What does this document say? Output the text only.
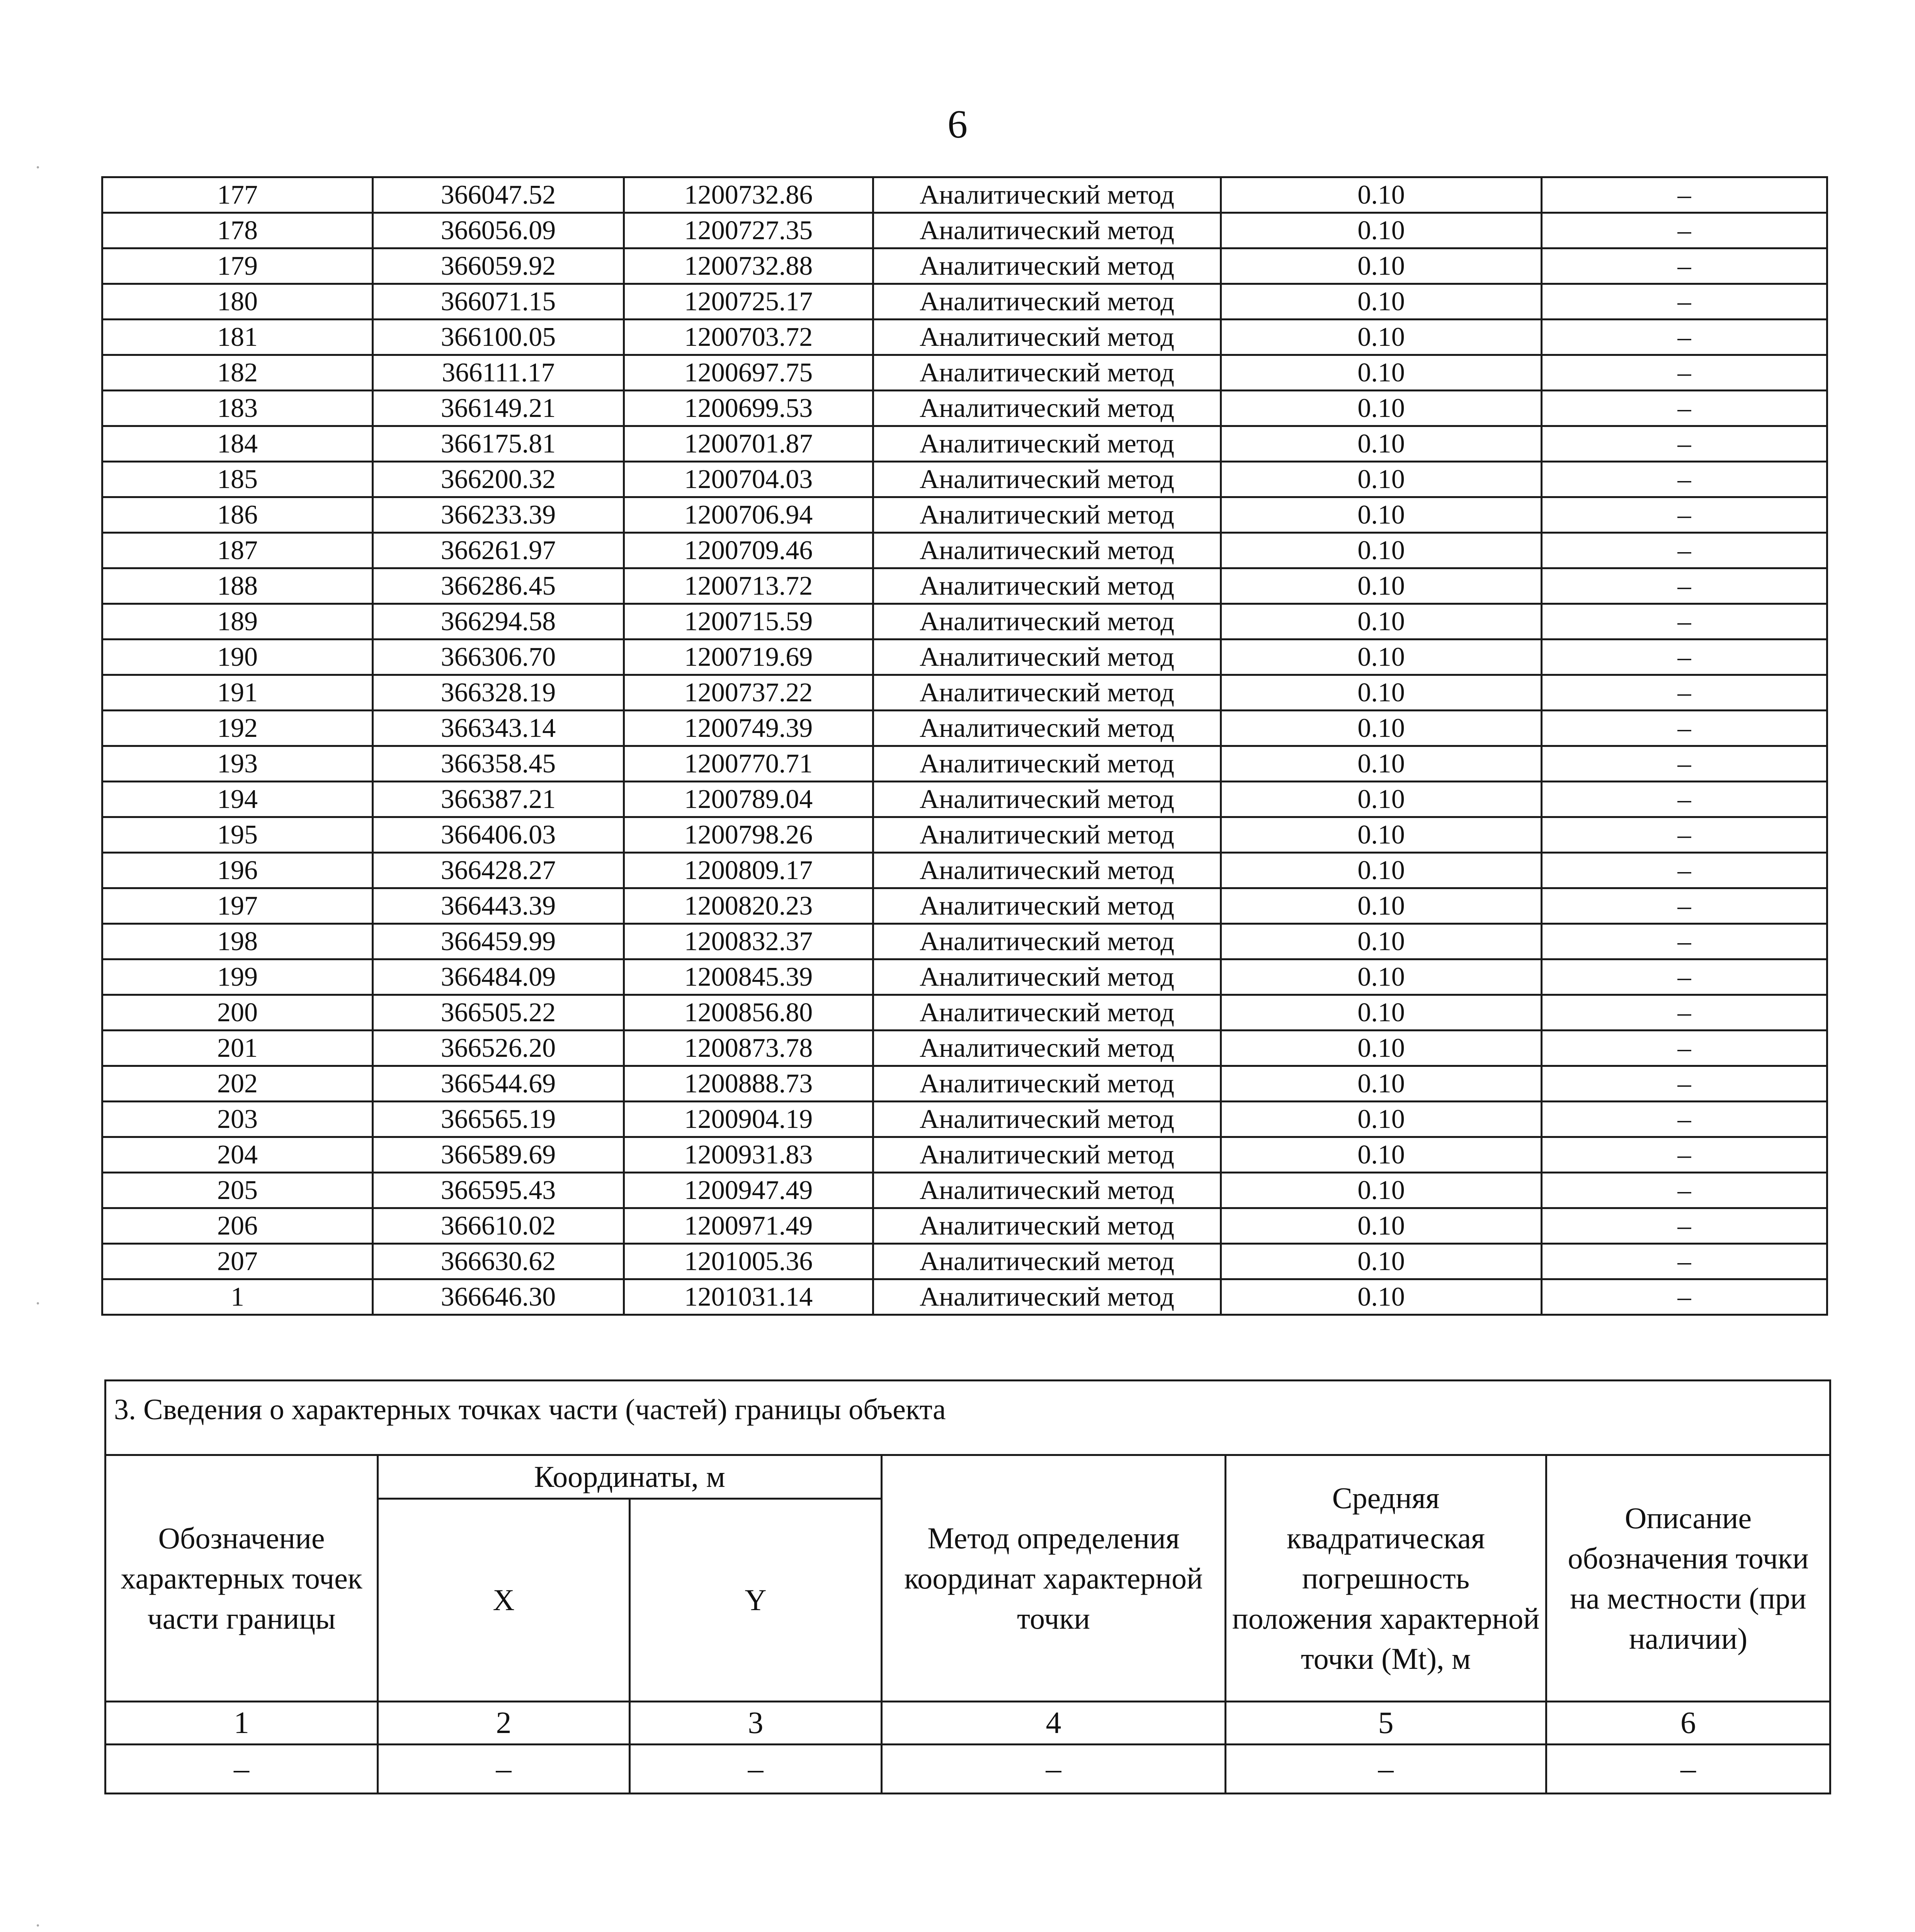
6
177	366047.52	1200732.86	Аналитический метод	0.10	–
178	366056.09	1200727.35	Аналитический метод	0.10	–
179	366059.92	1200732.88	Аналитический метод	0.10	–
180	366071.15	1200725.17	Аналитический метод	0.10	–
181	366100.05	1200703.72	Аналитический метод	0.10	–
182	366111.17	1200697.75	Аналитический метод	0.10	–
183	366149.21	1200699.53	Аналитический метод	0.10	–
184	366175.81	1200701.87	Аналитический метод	0.10	–
185	366200.32	1200704.03	Аналитический метод	0.10	–
186	366233.39	1200706.94	Аналитический метод	0.10	–
187	366261.97	1200709.46	Аналитический метод	0.10	–
188	366286.45	1200713.72	Аналитический метод	0.10	–
189	366294.58	1200715.59	Аналитический метод	0.10	–
190	366306.70	1200719.69	Аналитический метод	0.10	–
191	366328.19	1200737.22	Аналитический метод	0.10	–
192	366343.14	1200749.39	Аналитический метод	0.10	–
193	366358.45	1200770.71	Аналитический метод	0.10	–
194	366387.21	1200789.04	Аналитический метод	0.10	–
195	366406.03	1200798.26	Аналитический метод	0.10	–
196	366428.27	1200809.17	Аналитический метод	0.10	–
197	366443.39	1200820.23	Аналитический метод	0.10	–
198	366459.99	1200832.37	Аналитический метод	0.10	–
199	366484.09	1200845.39	Аналитический метод	0.10	–
200	366505.22	1200856.80	Аналитический метод	0.10	–
201	366526.20	1200873.78	Аналитический метод	0.10	–
202	366544.69	1200888.73	Аналитический метод	0.10	–
203	366565.19	1200904.19	Аналитический метод	0.10	–
204	366589.69	1200931.83	Аналитический метод	0.10	–
205	366595.43	1200947.49	Аналитический метод	0.10	–
206	366610.02	1200971.49	Аналитический метод	0.10	–
207	366630.62	1201005.36	Аналитический метод	0.10	–
1	366646.30	1201031.14	Аналитический метод	0.10	–
3. Сведения о характерных точках части (частей) границы объекта					
Обозначение характерных точек части границы	Координаты, м		Метод определения координат характерной точки	Средняя квадратическая погрешность положения характерной точки (Mt), м	Описание обозначения точки на местности (при наличии)
	X	Y			
1	2	3	4	5	6
–	–	–	–	–	–
